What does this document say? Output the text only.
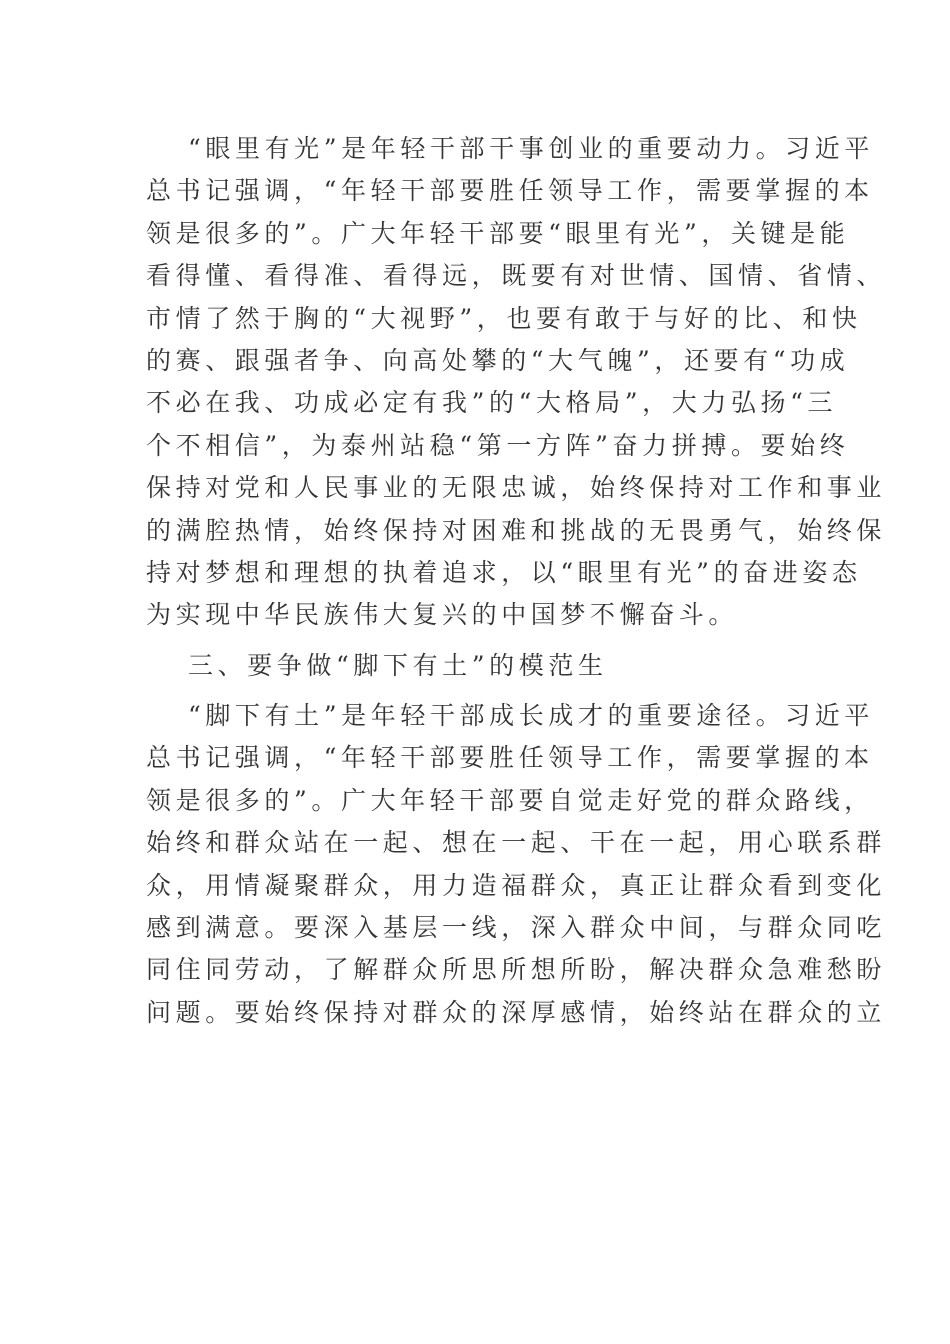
“眼里有光”是年轻干部干事创业的重要动力。习近平
总书记强调，“年轻干部要胜任领导工作，需要掌握的本
领是很多的”。广大年轻干部要“眼里有光”，关键是能
看得懂、看得准、看得远，既要有对世情、国情、省情、
市情了然于胸的“大视野”，也要有敢于与好的比、和快
的赛、跟强者争、向高处攀的“大气魄”，还要有“功成
不必在我、功成必定有我”的“大格局”，大力弘扬“三
个不相信”，为泰州站稳“第一方阵”奋力拼搏。要始终
保持对党和人民事业的无限忠诚，始终保持对工作和事业
的满腔热情，始终保持对困难和挑战的无畏勇气，始终保
持对梦想和理想的执着追求，以“眼里有光”的奋进姿态
为实现中华民族伟大复兴的中国梦不懈奋斗。
三、要争做“脚下有土”的模范生
“脚下有土”是年轻干部成长成才的重要途径。习近平
总书记强调，“年轻干部要胜任领导工作，需要掌握的本
领是很多的”。广大年轻干部要自觉走好党的群众路线，
始终和群众站在一起、想在一起、干在一起，用心联系群
众，用情凝聚群众，用力造福群众，真正让群众看到变化
感到满意。要深入基层一线，深入群众中间，与群众同吃
同住同劳动，了解群众所思所想所盼，解决群众急难愁盼
问题。要始终保持对群众的深厚感情，始终站在群众的立
